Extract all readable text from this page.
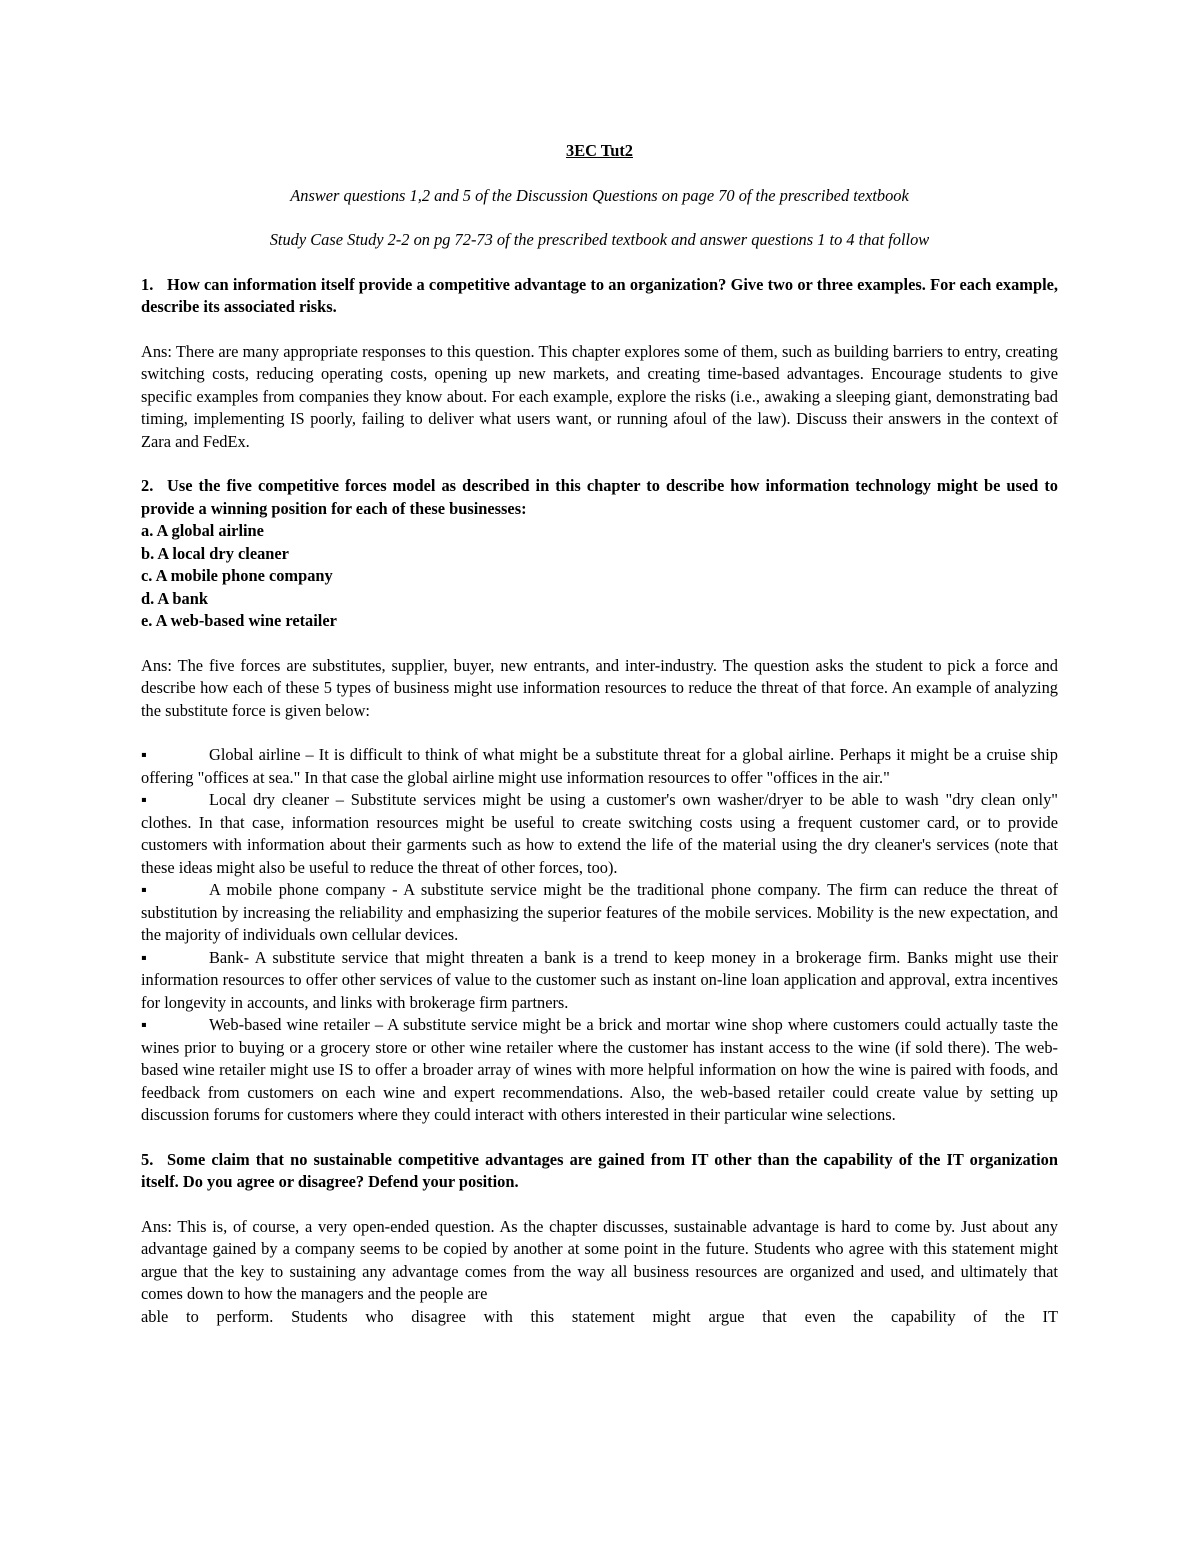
3EC Tut2

Answer questions 1,2 and 5 of the Discussion Questions on page 70 of the prescribed textbook

Study Case Study 2-2 on pg 72-73 of the prescribed textbook and answer questions 1 to 4 that follow

1. How can information itself provide a competitive advantage to an organization? Give two or three examples. For each example, describe its associated risks.

Ans: There are many appropriate responses to this question. This chapter explores some of them, such as building barriers to entry, creating switching costs, reducing operating costs, opening up new markets, and creating time-based advantages. Encourage students to give specific examples from companies they know about. For each example, explore the risks (i.e., awaking a sleeping giant, demonstrating bad timing, implementing IS poorly, failing to deliver what users want, or running afoul of the law). Discuss their answers in the context of Zara and FedEx.

2. Use the five competitive forces model as described in this chapter to describe how information technology might be used to provide a winning position for each of these businesses:

a. A global airline
b. A local dry cleaner
c. A mobile phone company
d. A bank
e. A web-based wine retailer

Ans: The five forces are substitutes, supplier, buyer, new entrants, and inter-industry. The question asks the student to pick a force and describe how each of these 5 types of business might use information resources to reduce the threat of that force. An example of analyzing the substitute force is given below:

▪	Global airline – It is difficult to think of what might be a substitute threat for a global airline. Perhaps it might be a cruise ship offering "offices at sea." In that case the global airline might use information resources to offer "offices in the air."
▪	Local dry cleaner – Substitute services might be using a customer's own washer/dryer to be able to wash "dry clean only" clothes. In that case, information resources might be useful to create switching costs using a frequent customer card, or to provide customers with information about their garments such as how to extend the life of the material using the dry cleaner's services (note that these ideas might also be useful to reduce the threat of other forces, too).
▪	A mobile phone company - A substitute service might be the traditional phone company. The firm can reduce the threat of substitution by increasing the reliability and emphasizing the superior features of the mobile services. Mobility is the new expectation, and the majority of individuals own cellular devices.
▪	Bank- A substitute service that might threaten a bank is a trend to keep money in a brokerage firm. Banks might use their information resources to offer other services of value to the customer such as instant on-line loan application and approval, extra incentives for longevity in accounts, and links with brokerage firm partners.
▪	Web-based wine retailer – A substitute service might be a brick and mortar wine shop where customers could actually taste the wines prior to buying or a grocery store or other wine retailer where the customer has instant access to the wine (if sold there). The web-based wine retailer might use IS to offer a broader array of wines with more helpful information on how the wine is paired with foods, and feedback from customers on each wine and expert recommendations. Also, the web-based retailer could create value by setting up discussion forums for customers where they could interact with others interested in their particular wine selections.

5. Some claim that no sustainable competitive advantages are gained from IT other than the capability of the IT organization itself. Do you agree or disagree? Defend your position.

Ans: This is, of course, a very open-ended question. As the chapter discusses, sustainable advantage is hard to come by. Just about any advantage gained by a company seems to be copied by another at some point in the future. Students who agree with this statement might argue that the key to sustaining any advantage comes from the way all business resources are organized and used, and ultimately that comes down to how the managers and the people are

able to perform. Students who disagree with this statement might argue that even the capability of the IT
